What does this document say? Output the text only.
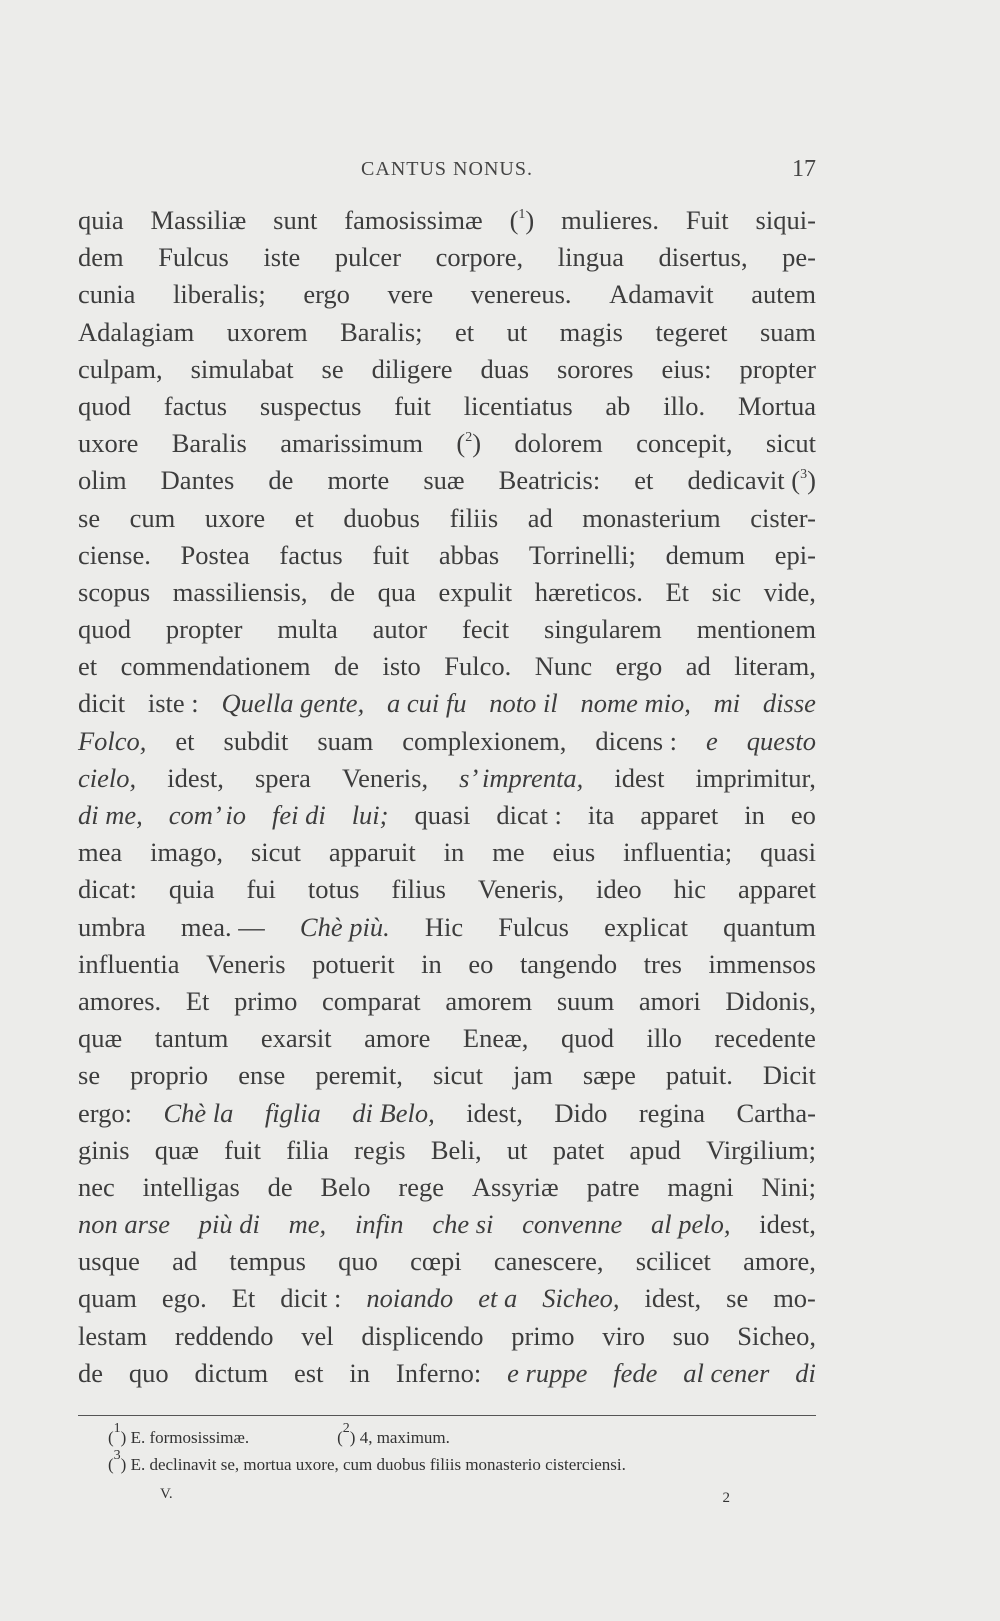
CANTUS NONUS.	17
quia Massiliæ sunt famosissimæ ($^1$) mulieres. Fuit siqui-
dem Fulcus iste pulcer corpore, lingua disertus, pe-
cunia liberalis; ergo vere venereus. Adamavit autem
Adalagiam uxorem Baralis; et ut magis tegeret suam
culpam, simulabat se diligere duas sorores eius: propter
quod factus suspectus fuit licentiatus ab illo. Mortua
uxore Baralis amarissimum ($^2$) dolorem concepit, sicut
olim Dantes de morte suæ Beatricis: et dedicavit ($^3$)
se cum uxore et duobus filiis ad monasterium cister-
ciense. Postea factus fuit abbas Torrinelli; demum epi-
scopus massiliensis, de qua expulit hæreticos. Et sic vide,
quod propter multa autor fecit singularem mentionem
et commendationem de isto Fulco. Nunc ergo ad literam,
dicit iste : Quella gente, a cui fu noto il nome mio, mi disse
Folco, et subdit suam complexionem, dicens : e questo
cielo, idest, spera Veneris, s’ imprenta, idest imprimitur,
di me, com’ io fei di lui; quasi dicat : ita apparet in eo
mea imago, sicut apparuit in me eius influentia; quasi
dicat: quia fui totus filius Veneris, ideo hic apparet
umbra mea. — Chè più. Hic Fulcus explicat quantum
influentia Veneris potuerit in eo tangendo tres immensos
amores. Et primo comparat amorem suum amori Didonis,
quæ tantum exarsit amore Eneæ, quod illo recedente
se proprio ense peremit, sicut jam sæpe patuit. Dicit
ergo: Chè la figlia di Belo, idest, Dido regina Cartha-
ginis quæ fuit filia regis Beli, ut patet apud Virgilium;
nec intelligas de Belo rege Assyriæ patre magni Nini;
non arse più di me, infin che si convenne al pelo, idest,
usque ad tempus quo cœpi canescere, scilicet amore,
quam ego. Et dicit : noiando et a Sicheo, idest, se mo-
lestam reddendo vel displicendo primo viro suo Sicheo,
de quo dictum est in Inferno: e ruppe fede al cener di
($^1$) E. formosissimæ.	($^2$) 4, maximum.
($^3$) E. declinavit se, mortua uxore, cum duobus filiis monasterio cisterciensi.
V.	2
